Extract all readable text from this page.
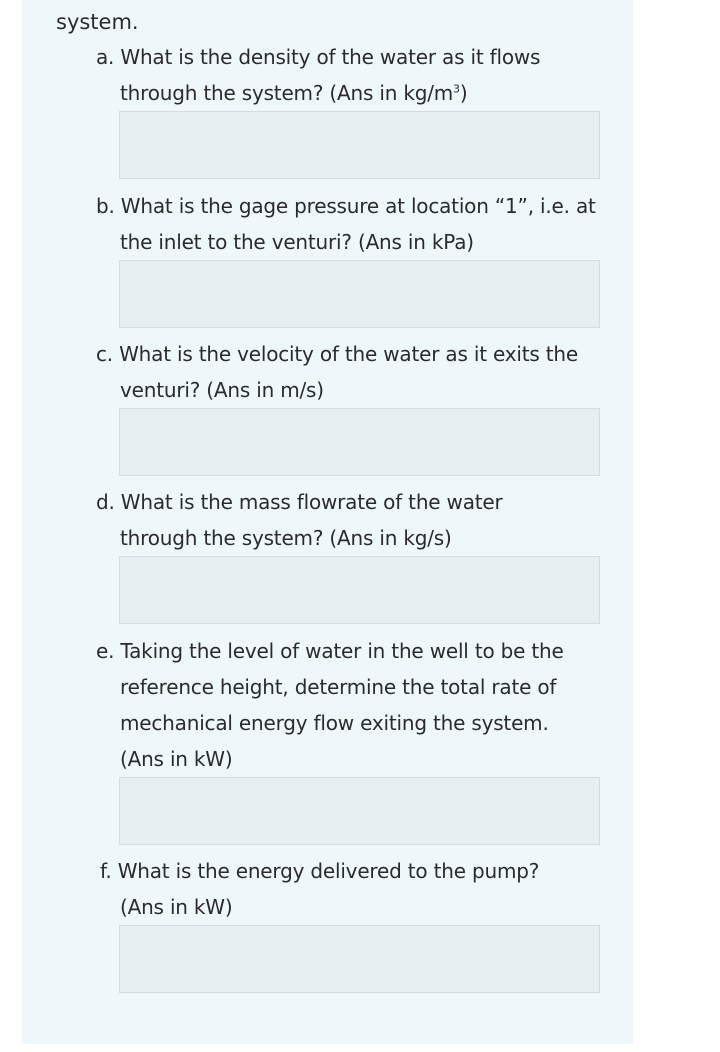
system.
a. What is the density of the water as it flows
through the system? (Ans in $kg/m^3$)
b. What is the gage pressure at location “1”, i.e. at
the inlet to the venturi? (Ans in kPa)
c. What is the velocity of the water as it exits the
venturi? (Ans in m/s)
d. What is the mass flowrate of the water
through the system? (Ans in kg/s)
e. Taking the level of water in the well to be the
reference height, determine the total rate of
mechanical energy flow exiting the system.
(Ans in kW)
f. What is the energy delivered to the pump?
(Ans in kW)
